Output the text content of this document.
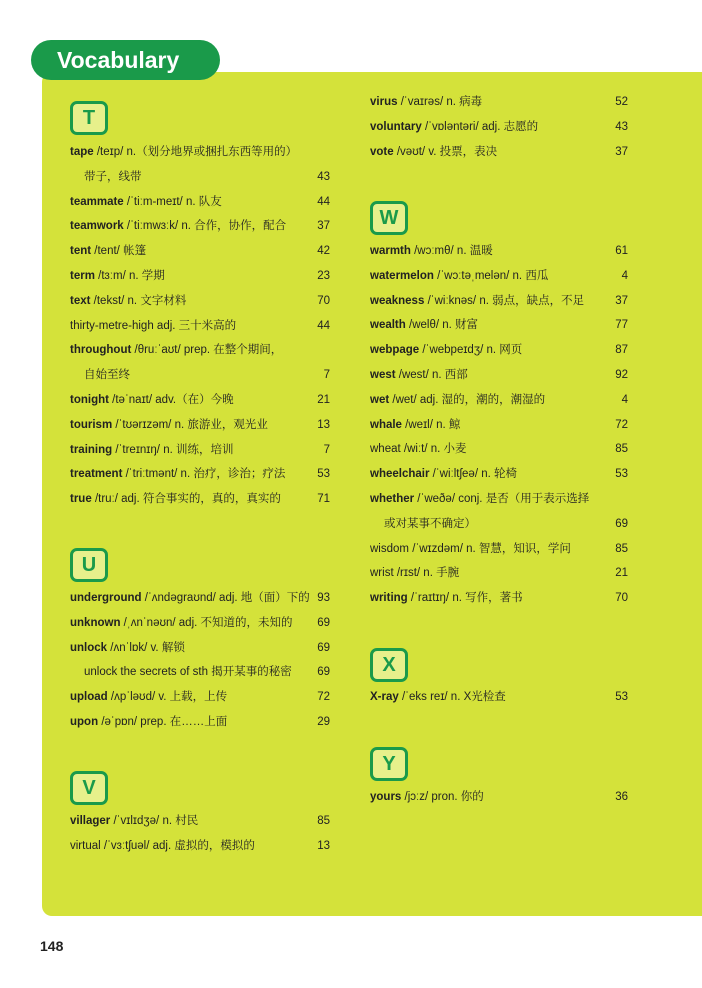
Vocabulary
T
tape /teɪp/ n.（划分地界或捆扎东西等用的）
带子，线带	43
teammate /ˈtiːm-meɪt/ n. 队友	44
teamwork /ˈtiːmwɜːk/ n. 合作，协作，配合	37
tent /tent/ 帐篷	42
term /tɜːm/ n. 学期	23
text /tekst/ n. 文字材料	70
thirty-metre-high adj. 三十米高的	44
throughout /θruːˈaʊt/ prep. 在整个期间，
自始至终	7
tonight /təˈnaɪt/ adv.（在）今晚	21
tourism /ˈtʊərɪzəm/ n. 旅游业，观光业	13
training /ˈtreɪnɪŋ/ n. 训练，培训	7
treatment /ˈtriːtmənt/ n. 治疗，诊治；疗法	53
true /truː/ adj. 符合事实的，真的，真实的	71
U
underground /ˈʌndəgraʊnd/ adj. 地（面）下的 93
unknown /ˌʌnˈnəʊn/ adj. 不知道的，未知的 69
unlock /ʌnˈlɒk/ v. 解锁	69
unlock the secrets of sth 揭开某事的秘密 69
upload /ʌpˈləʊd/ v. 上载，上传	72
upon /əˈpɒn/ prep. 在……上面	29
V
villager /ˈvɪlɪdʒə/ n. 村民	85
virtual /ˈvɜːtʃuəl/ adj. 虚拟的，模拟的	13
virus /ˈvaɪrəs/ n. 病毒	52
voluntary /ˈvɒləntəri/ adj. 志愿的	43
vote /vəʊt/ v. 投票，表决	37
W
warmth /wɔːmθ/ n. 温暖	61
watermelon /ˈwɔːtəˌmelən/ n. 西瓜	4
weakness /ˈwiːknəs/ n. 弱点，缺点，不足	37
wealth /welθ/ n. 财富	77
webpage /ˈwebpeɪdʒ/ n. 网页	87
west /west/ n. 西部	92
wet /wet/ adj. 湿的，潮的，潮湿的	4
whale /weɪl/ n. 鲸	72
wheat /wiːt/ n. 小麦	85
wheelchair /ˈwiːltʃeə/ n. 轮椅	53
whether /ˈweðə/ conj. 是否（用于表示选择
或对某事不确定）	69
wisdom /ˈwɪzdəm/ n. 智慧，知识，学问	85
wrist /rɪst/ n. 手腕	21
writing /ˈraɪtɪŋ/ n. 写作，著书	70
X
X-ray /ˈeks reɪ/ n. X光检查	53
Y
yours /jɔːz/ pron. 你的	36
148
